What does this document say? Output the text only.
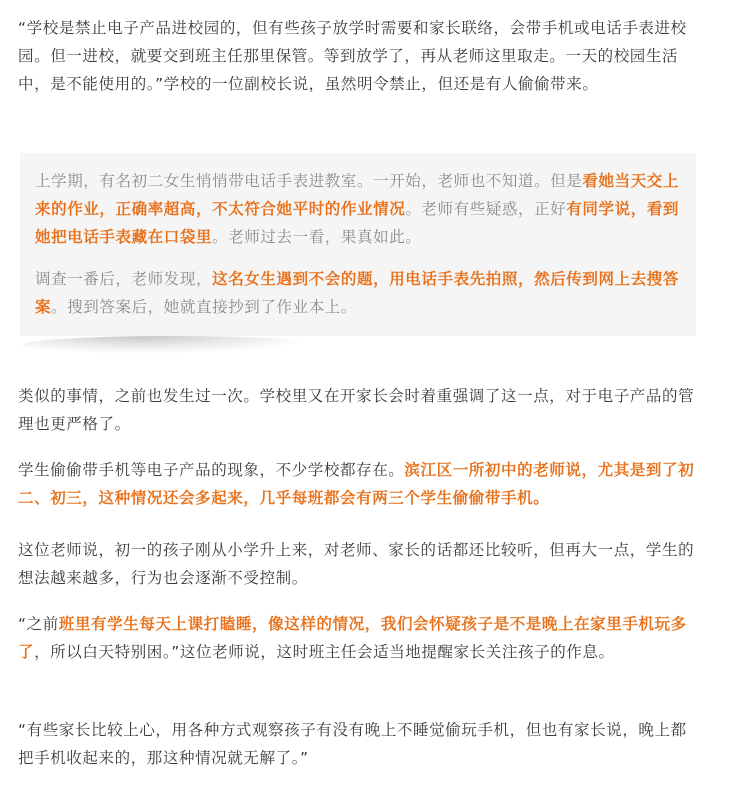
“学校是禁止电子产品进校园的，但有些孩子放学时需要和家长联络，会带手机或电话手表进校园。但一进校，就要交到班主任那里保管。等到放学了，再从老师这里取走。一天的校园生活中，是不能使用的。”学校的一位副校长说，虽然明令禁止，但还是有人偷偷带来。

上学期，有名初二女生悄悄带电话手表进教室。一开始，老师也不知道。但是看她当天交上来的作业，正确率超高，不太符合她平时的作业情况。老师有些疑惑，正好有同学说，看到她把电话手表藏在口袋里。老师过去一看，果真如此。

调查一番后，老师发现，这名女生遇到不会的题，用电话手表先拍照，然后传到网上去搜答案。搜到答案后，她就直接抄到了作业本上。

类似的事情，之前也发生过一次。学校里又在开家长会时着重强调了这一点，对于电子产品的管理也更严格了。

学生偷偷带手机等电子产品的现象，不少学校都存在。滨江区一所初中的老师说，尤其是到了初二、初三，这种情况还会多起来，几乎每班都会有两三个学生偷偷带手机。

这位老师说，初一的孩子刚从小学升上来，对老师、家长的话都还比较听，但再大一点，学生的想法越来越多，行为也会逐渐不受控制。

“之前班里有学生每天上课打瞌睡，像这样的情况，我们会怀疑孩子是不是晚上在家里手机玩多了，所以白天特别困。”这位老师说，这时班主任会适当地提醒家长关注孩子的作息。

“有些家长比较上心，用各种方式观察孩子有没有晚上不睡觉偷玩手机，但也有家长说，晚上都把手机收起来的，那这种情况就无解了。”
